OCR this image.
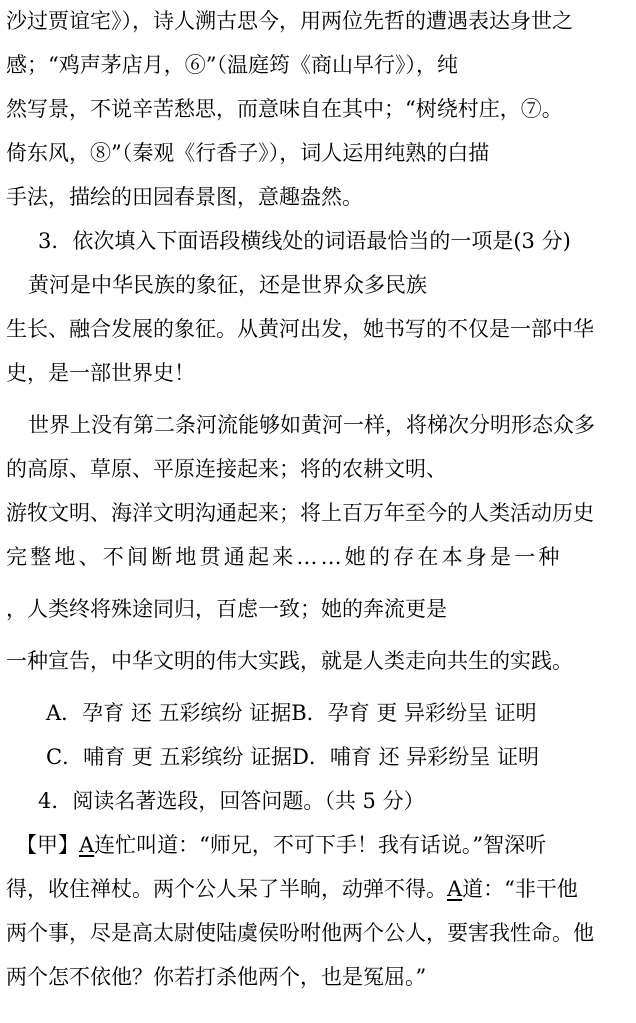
沙过贾谊宅》），诗人溯古思今，用两位先哲的遭遇表达身世之

感；“鸡声茅店月，⑥”（温庭筠《商山早行》），纯

然写景，不说辛苦愁思，而意味自在其中；“树绕村庄，⑦。

倚东风，⑧”（秦观《行香子》），词人运用纯熟的白描

手法，描绘的田园春景图，意趣盎然。

3．依次填入下面语段横线处的词语最恰当的一项是(3 分)

黄河是中华民族的象征，还是世界众多民族

生长、融合发展的象征。从黄河出发，她书写的不仅是一部中华

史，是一部世界史！

世界上没有第二条河流能够如黄河一样，将梯次分明形态众多

的高原、草原、平原连接起来；将的农耕文明、

游牧文明、海洋文明沟通起来；将上百万年至今的人类活动历史

完整地、不间断地贯通起来……她的存在本身是一种

，人类终将殊途同归，百虑一致；她的奔流更是

一种宣告，中华文明的伟大实践，就是人类走向共生的实践。

A．孕育 还 五彩缤纷 证据B．孕育 更 异彩纷呈 证明

C．哺育 更 五彩缤纷 证据D．哺育 还 异彩纷呈 证明

4．阅读名著选段，回答问题。（共 5 分）

【甲】A连忙叫道：“师兄，不可下手！我有话说。”智深听

得，收住禅杖。两个公人呆了半晌，动弹不得。A道：“非干他

两个事，尽是高太尉使陆虞侯吩咐他两个公人，要害我性命。他

两个怎不依他？你若打杀他两个，也是冤屈。”
